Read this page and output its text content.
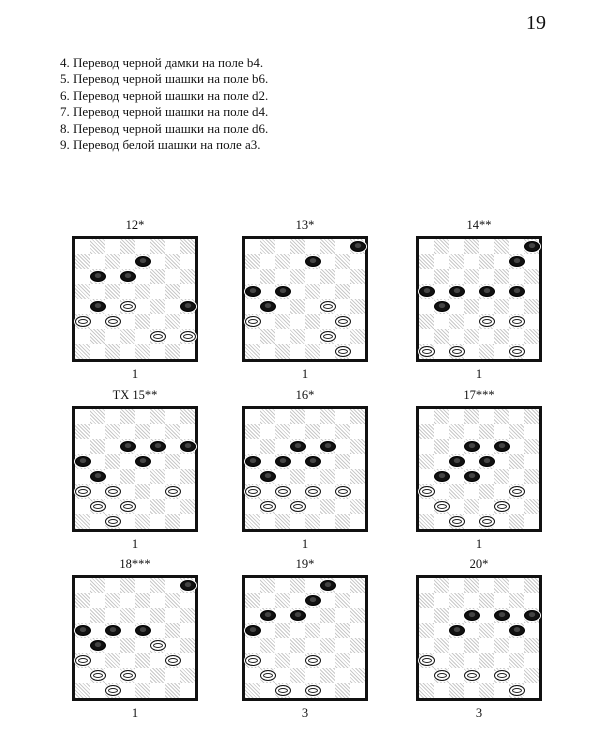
19
4. Перевод черной дамки на поле b4.
5. Перевод черной шашки на поле b6.
6. Перевод черной шашки на поле d2.
7. Перевод черной шашки на поле d4.
8. Перевод черной шашки на поле d6.
9. Перевод белой шашки на поле a3.
12*
1
13*
1
14**
1
ТХ 15**
1
16*
1
17***
1
18***
1
19*
3
20*
3
